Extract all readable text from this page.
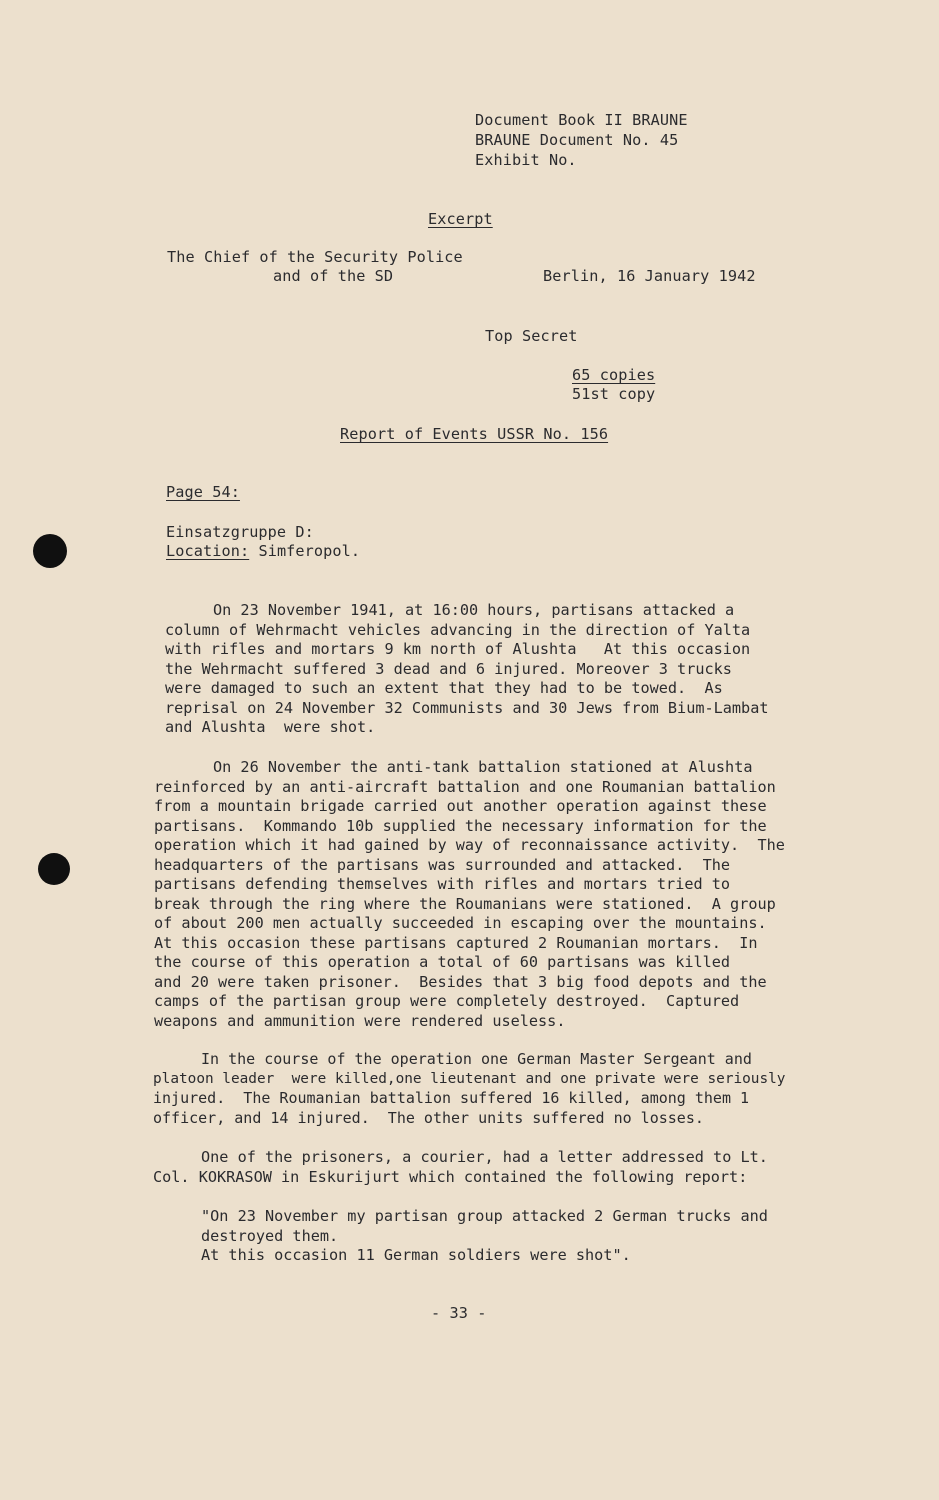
Document Book II BRAUNE
BRAUNE Document No. 45
Exhibit No.
Excerpt
The Chief of the Security Police
and of the SD	Berlin, 16 January 1942
Top Secret
65 copies
51st copy
Report of Events USSR No. 156
Page 54:
Einsatzgruppe D:
Location: Simferopol.
On 23 November 1941, at 16:00 hours, partisans attacked a
column of Wehrmacht vehicles advancing in the direction of Yalta
with rifles and mortars 9 km north of Alushta   At this occasion
the Wehrmacht suffered 3 dead and 6 injured. Moreover 3 trucks
were damaged to such an extent that they had to be towed.  As
reprisal on 24 November 32 Communists and 30 Jews from Bium-Lambat
and Alushta  were shot.
On 26 November the anti-tank battalion stationed at Alushta
reinforced by an anti-aircraft battalion and one Roumanian battalion
from a mountain brigade carried out another operation against these
partisans.  Kommando 10b supplied the necessary information for the
operation which it had gained by way of reconnaissance activity.  The
headquarters of the partisans was surrounded and attacked.  The
partisans defending themselves with rifles and mortars tried to
break through the ring where the Roumanians were stationed.  A group
of about 200 men actually succeeded in escaping over the mountains.
At this occasion these partisans captured 2 Roumanian mortars.  In
the course of this operation a total of 60 partisans was killed
and 20 were taken prisoner.  Besides that 3 big food depots and the
camps of the partisan group were completely destroyed.  Captured
weapons and ammunition were rendered useless.
In the course of the operation one German Master Sergeant and
platoon leader  were killed,one lieutenant and one private were seriously
injured.  The Roumanian battalion suffered 16 killed, among them 1
officer, and 14 injured.  The other units suffered no losses.
One of the prisoners, a courier, had a letter addressed to Lt.
Col. KOKRASOW in Eskurijurt which contained the following report:
"On 23 November my partisan group attacked 2 German trucks and
destroyed them.
At this occasion 11 German soldiers were shot".
- 33 -
